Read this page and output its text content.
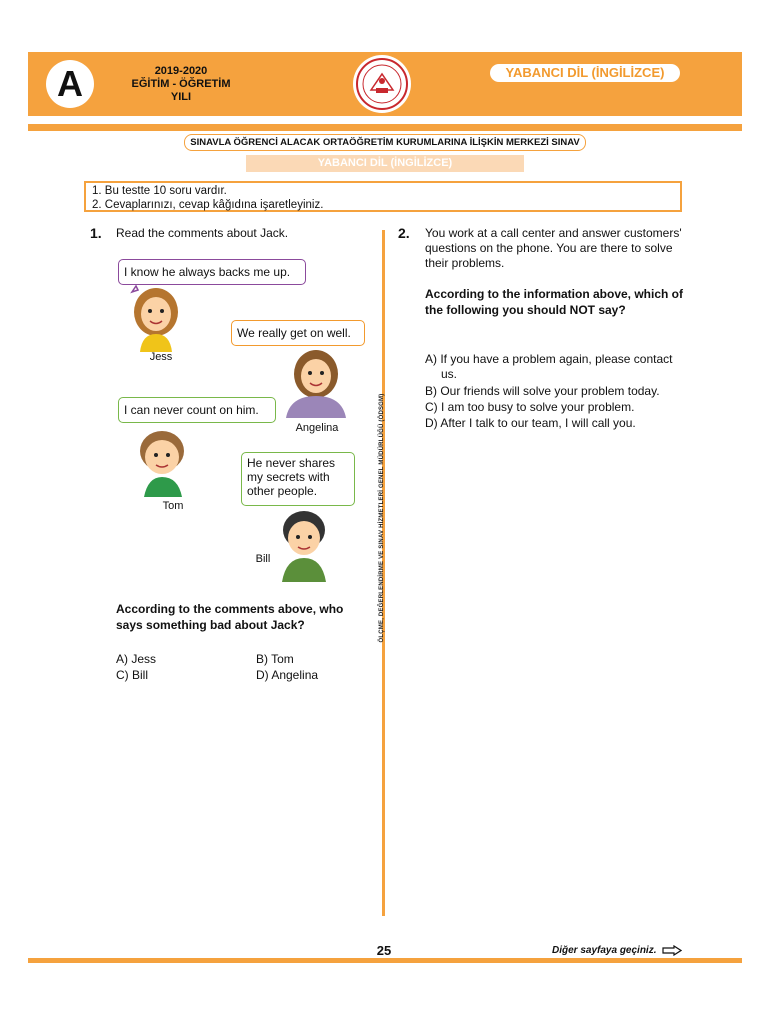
A	2019-2020
EĞİTİM - ÖĞRETİM YILI
YABANCI DİL (İNGİLİZCE)
SINAVLA ÖĞRENCİ ALACAK ORTAÖĞRETİM KURUMLARINA İLİŞKİN MERKEZİ SINAV
YABANCI DİL (İNGİLİZCE)
1. Bu testte 10 soru vardır.
2. Cevaplarınızı, cevap kâğıdına işaretleyiniz.
ÖLÇME, DEĞERLENDİRME VE SINAV HİZMETLERİ GENEL MÜDÜRLÜĞÜ (ÖDSGM)
1. Read the comments about Jack.
I know he always backs me up.
Jess
We really get on well.
Angelina
I can never count on him.
Tom
He never shares my secrets with other people.
Bill
According to the comments above, who says something bad about Jack?
A) Jess	B) Tom
C) Bill	D) Angelina
2. You work at a call center and answer customers' questions on the phone. You are there to solve their problems.
According to the information above, which of the following you should NOT say?
A) If you have a problem again, please contact us.
B) Our friends will solve your problem today.
C) I am too busy to solve your problem.
D) After I talk to our team, I will call you.
25	Diğer sayfaya geçiniz.
